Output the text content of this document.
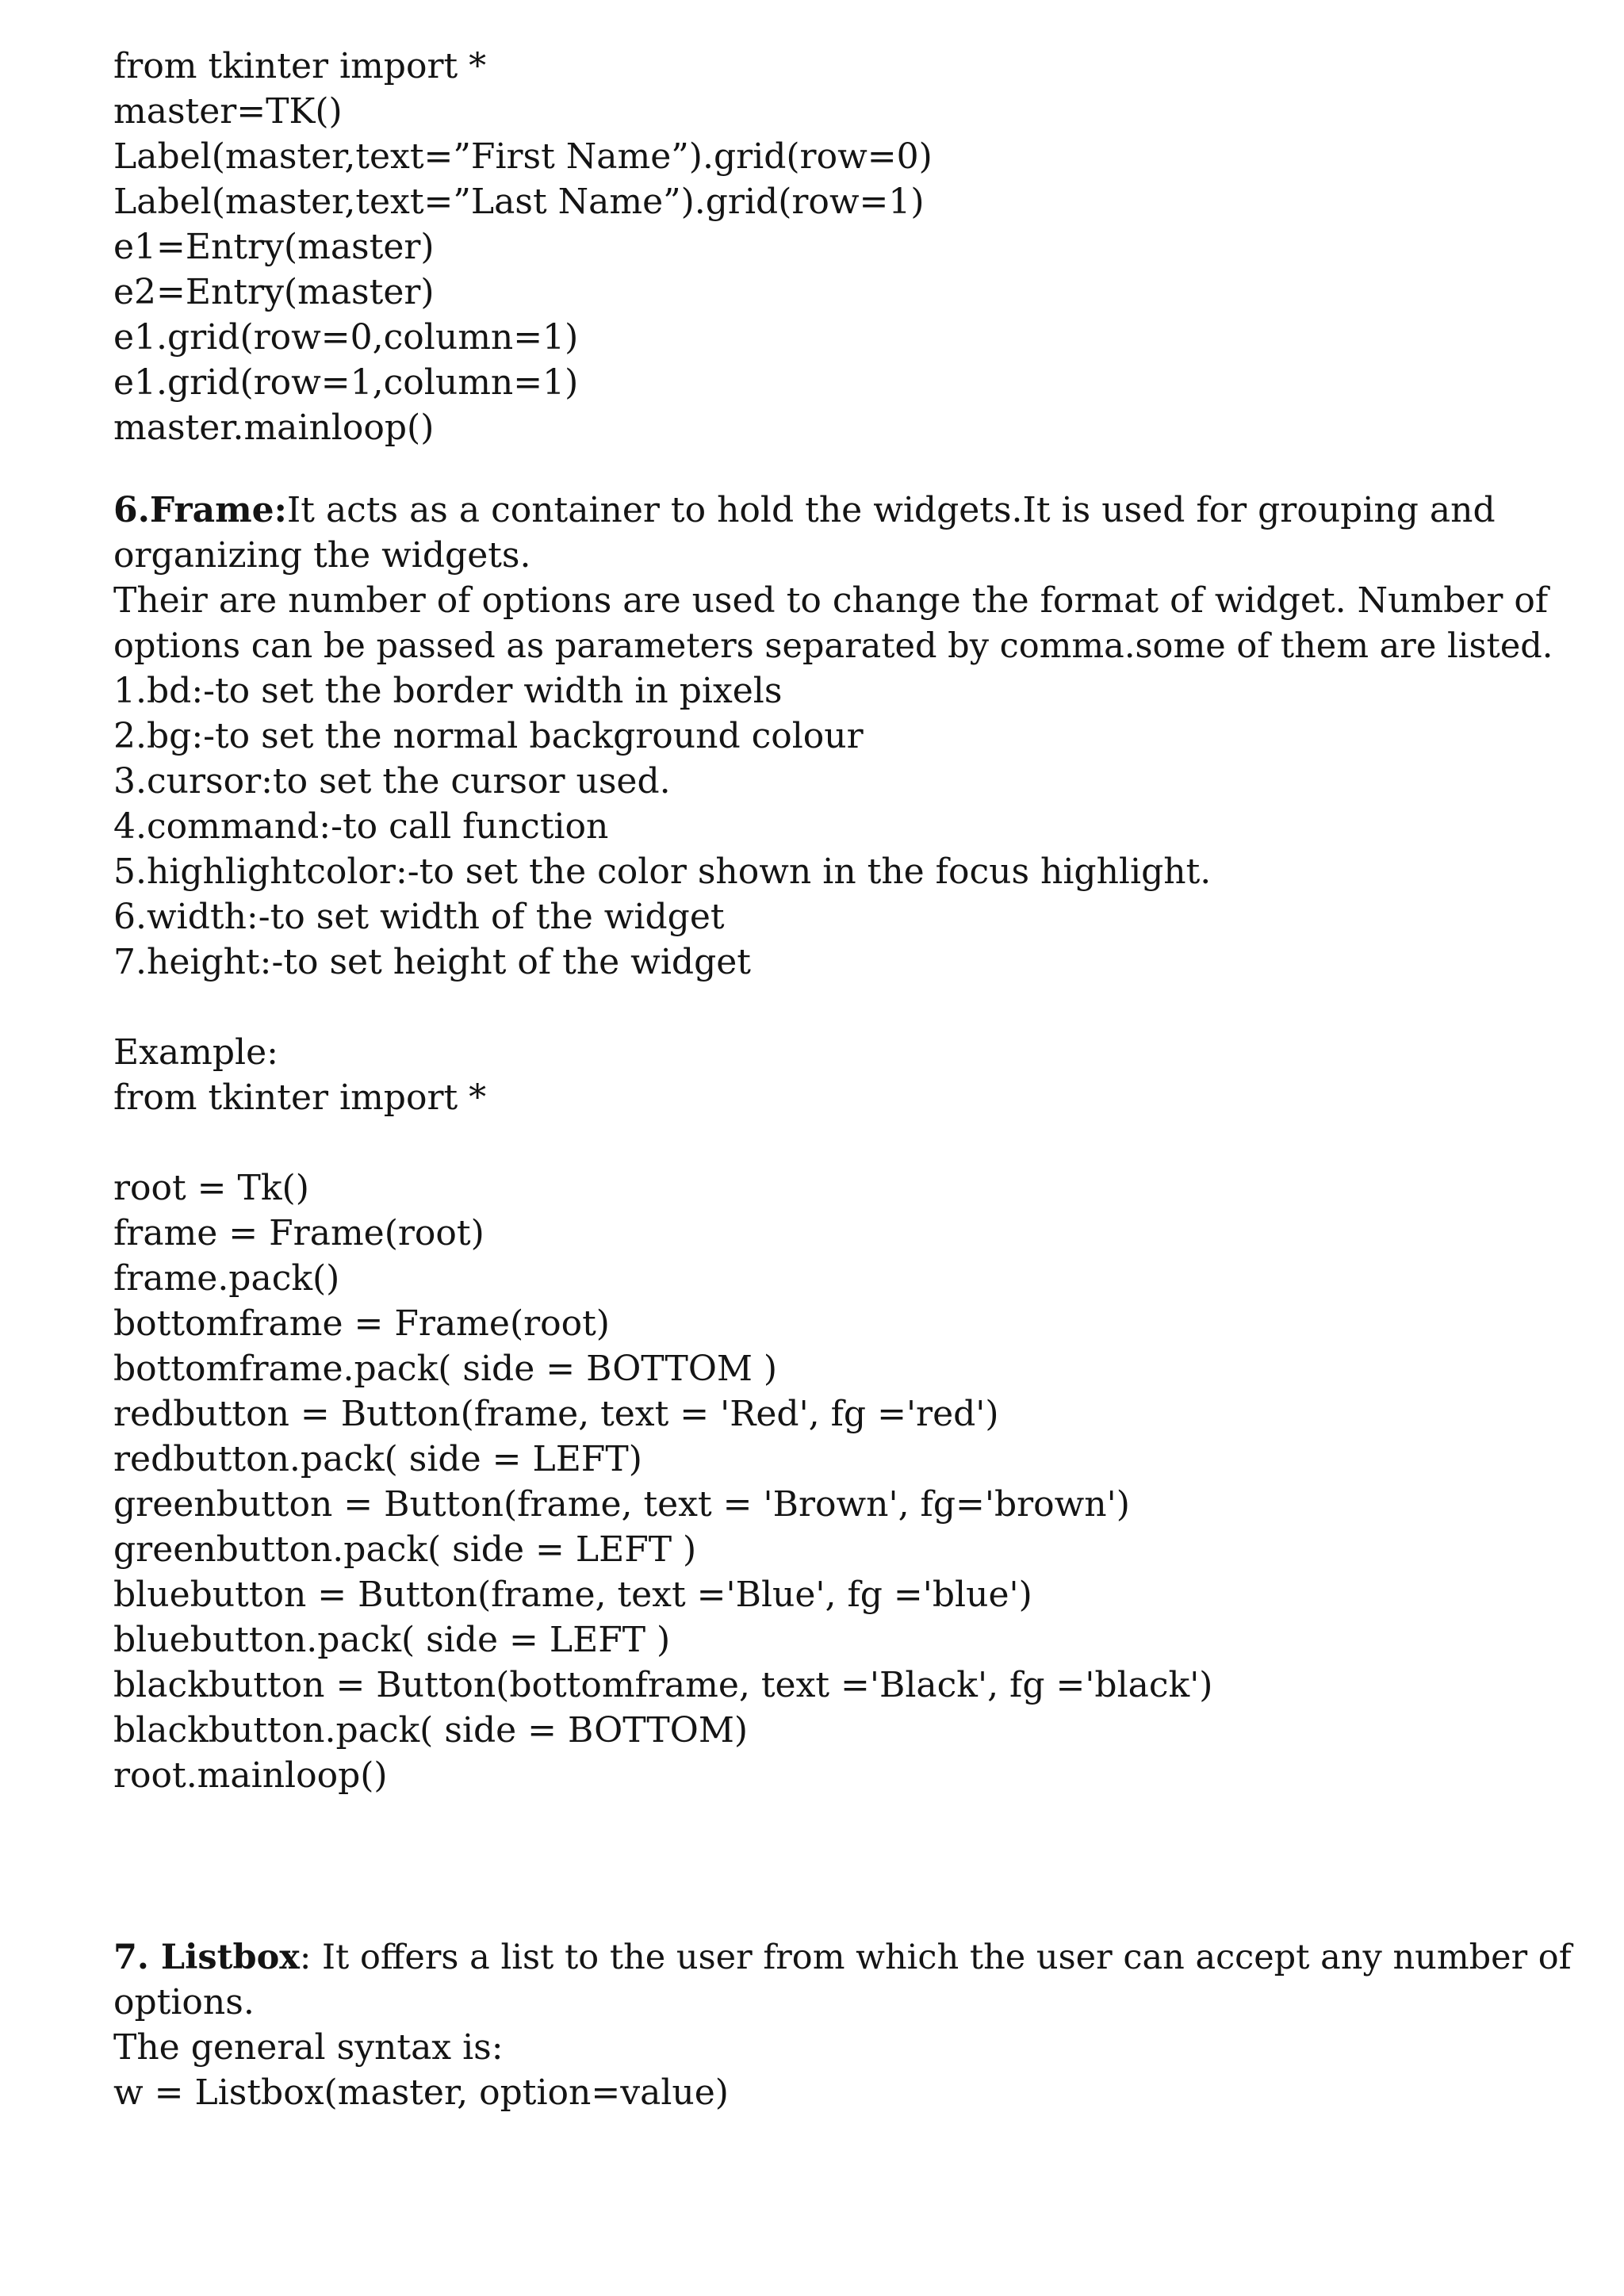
from tkinter import *
master=TK()
Label(master,text=”First Name”).grid(row=0)
Label(master,text=”Last Name”).grid(row=1)
e1=Entry(master)
e2=Entry(master)
e1.grid(row=0,column=1)
e1.grid(row=1,column=1)
master.mainloop()
6.Frame:It acts as a container to hold the widgets.It is used for grouping and
organizing the widgets.
Their are number of options are used to change the format of widget. Number of
options can be passed as parameters separated by comma.some of them are listed.
1.bd:-to set the border width in pixels
2.bg:-to set the normal background colour
3.cursor:to set the cursor used.
4.command:-to call function
5.highlightcolor:-to set the color shown in the focus highlight.
6.width:-to set width of the widget
7.height:-to set height of the widget
Example:
from tkinter import *
root = Tk()
frame = Frame(root)
frame.pack()
bottomframe = Frame(root)
bottomframe.pack( side = BOTTOM )
redbutton = Button(frame, text = 'Red', fg ='red')
redbutton.pack( side = LEFT)
greenbutton = Button(frame, text = 'Brown', fg='brown')
greenbutton.pack( side = LEFT )
bluebutton = Button(frame, text ='Blue', fg ='blue')
bluebutton.pack( side = LEFT )
blackbutton = Button(bottomframe, text ='Black', fg ='black')
blackbutton.pack( side = BOTTOM)
root.mainloop()
7. Listbox: It offers a list to the user from which the user can accept any number of
options.
The general syntax is:
w = Listbox(master, option=value)
